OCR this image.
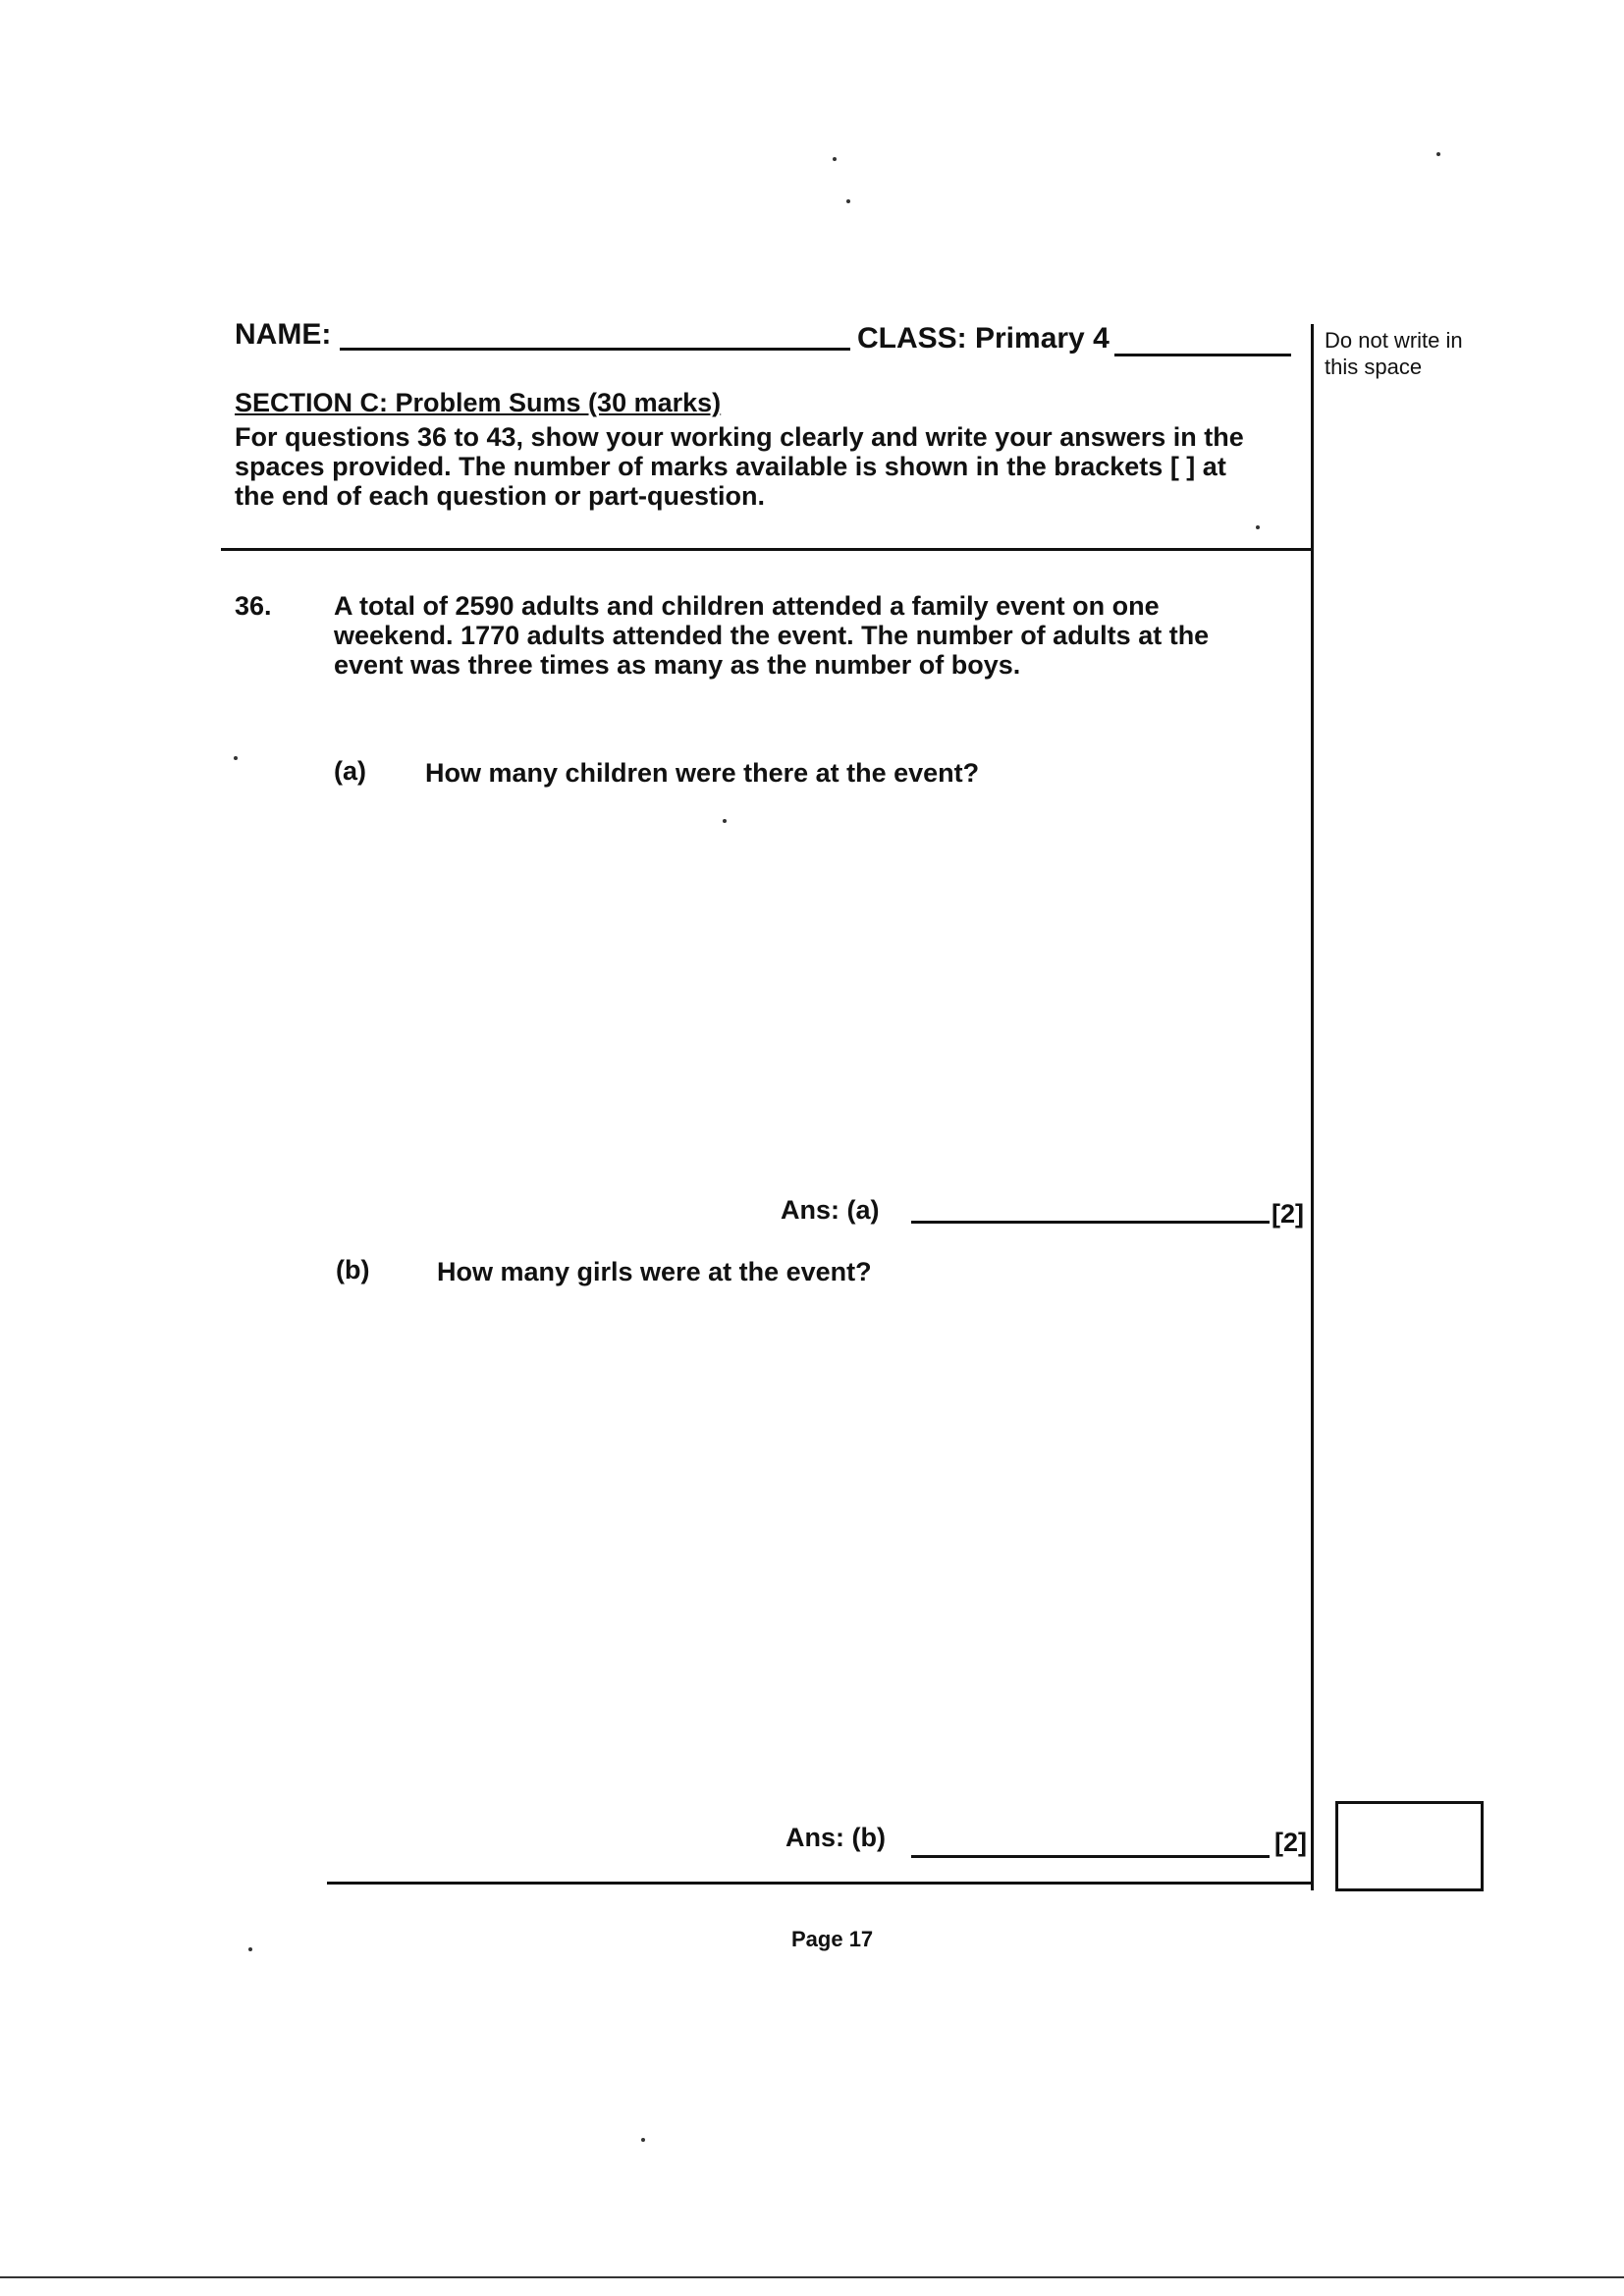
NAME:	CLASS: Primary 4	Do not write in this space
SECTION C: Problem Sums (30 marks)
For questions 36 to 43, show your working clearly and write your answers in the spaces provided. The number of marks available is shown in the brackets [ ] at the end of each question or part-question.
36. A total of 2590 adults and children attended a family event on one weekend. 1770 adults attended the event. The number of adults at the event was three times as many as the number of boys.
(a) How many children were there at the event?
Ans: (a)	[2]
(b)	How many girls were at the event?
Ans: (b)	[2]
Page 17
